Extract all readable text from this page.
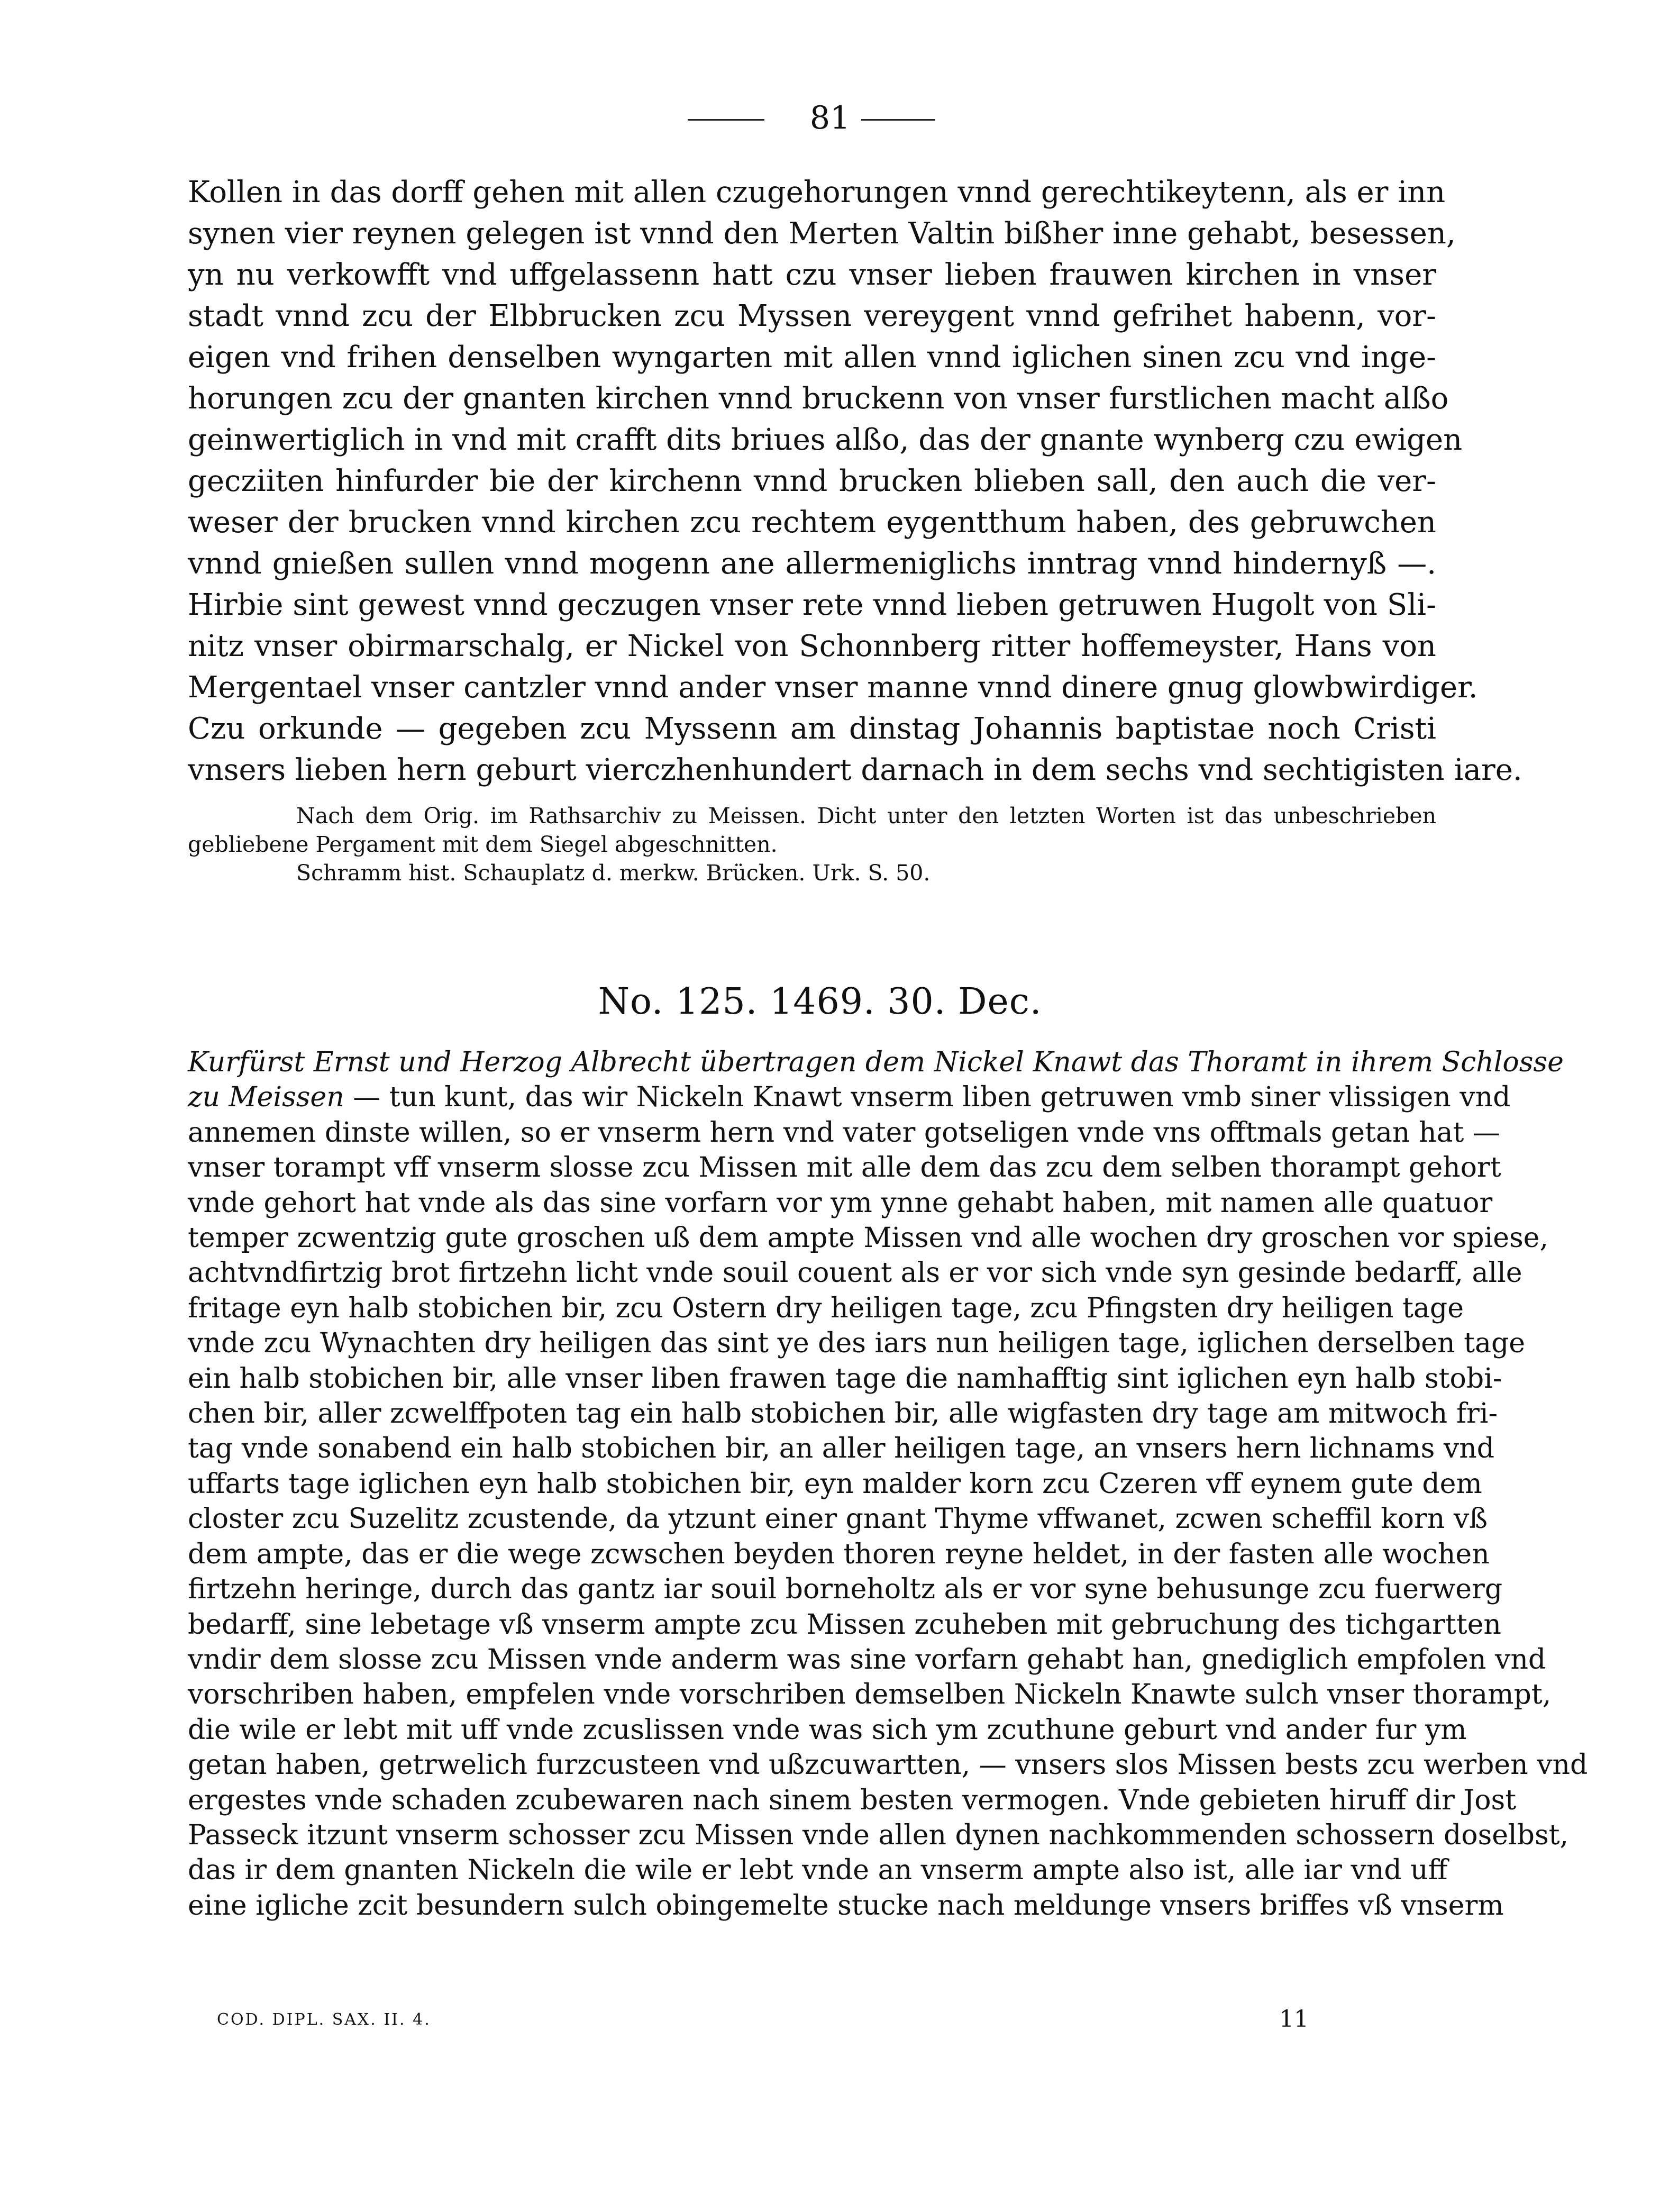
81
Kollen in das dorff gehen mit allen czugehorungen vnnd gerechtikeytenn, als er inn
synen vier reynen gelegen ist vnnd den Merten Valtin bißher inne gehabt, besessen,
yn nu verkowfft vnd uffgelassenn hatt czu vnser lieben frauwen kirchen in vnser
stadt vnnd zcu der Elbbrucken zcu Myssen vereygent vnnd gefrihet habenn, vor-
eigen vnd frihen denselben wyngarten mit allen vnnd iglichen sinen zcu vnd inge-
horungen zcu der gnanten kirchen vnnd bruckenn von vnser furstlichen macht alßo
geinwertiglich in vnd mit crafft dits briues alßo, das der gnante wynberg czu ewigen
gecziiten hinfurder bie der kirchenn vnnd brucken blieben sall, den auch die ver-
weser der brucken vnnd kirchen zcu rechtem eygentthum haben, des gebruwchen
vnnd gnießen sullen vnnd mogenn ane allermeniglichs inntrag vnnd hindernyß —.
Hirbie sint gewest vnnd geczugen vnser rete vnnd lieben getruwen Hugolt von Sli-
nitz vnser obirmarschalg, er Nickel von Schonnberg ritter hoffemeyster, Hans von
Mergentael vnser cantzler vnnd ander vnser manne vnnd dinere gnug glowbwirdiger.
Czu orkunde — gegeben zcu Myssenn am dinstag Johannis baptistae noch Cristi
vnsers lieben hern geburt vierczhenhundert darnach in dem sechs vnd sechtigisten iare.
Nach dem Orig. im Rathsarchiv zu Meissen. Dicht unter den letzten Worten ist das unbeschrieben
gebliebene Pergament mit dem Siegel abgeschnitten.
Schramm hist. Schauplatz d. merkw. Brücken. Urk. S. 50.
No. 125. 1469. 30. Dec.
Kurfürst Ernst und Herzog Albrecht übertragen dem Nickel Knawt das Thoramt in ihrem Schlosse
zu Meissen — tun kunt, das wir Nickeln Knawt vnserm liben getruwen vmb siner vlissigen vnd
annemen dinste willen, so er vnserm hern vnd vater gotseligen vnde vns offtmals getan hat —
vnser torampt vff vnserm slosse zcu Missen mit alle dem das zcu dem selben thorampt gehort
vnde gehort hat vnde als das sine vorfarn vor ym ynne gehabt haben, mit namen alle quatuor
temper zcwentzig gute groschen uß dem ampte Missen vnd alle wochen dry groschen vor spiese,
achtvndfirtzig brot firtzehn licht vnde souil couent als er vor sich vnde syn gesinde bedarff, alle
fritage eyn halb stobichen bir, zcu Ostern dry heiligen tage, zcu Pfingsten dry heiligen tage
vnde zcu Wynachten dry heiligen das sint ye des iars nun heiligen tage, iglichen derselben tage
ein halb stobichen bir, alle vnser liben frawen tage die namhafftig sint iglichen eyn halb stobi-
chen bir, aller zcwelffpoten tag ein halb stobichen bir, alle wigfasten dry tage am mitwoch fri-
tag vnde sonabend ein halb stobichen bir, an aller heiligen tage, an vnsers hern lichnams vnd
uffarts tage iglichen eyn halb stobichen bir, eyn malder korn zcu Czeren vff eynem gute dem
closter zcu Suzelitz zcustende, da ytzunt einer gnant Thyme vffwanet, zcwen scheffil korn vß
dem ampte, das er die wege zcwschen beyden thoren reyne heldet, in der fasten alle wochen
firtzehn heringe, durch das gantz iar souil borneholtz als er vor syne behusunge zcu fuerwerg
bedarff, sine lebetage vß vnserm ampte zcu Missen zcuheben mit gebruchung des tichgartten
vndir dem slosse zcu Missen vnde anderm was sine vorfarn gehabt han, gnediglich empfolen vnd
vorschriben haben, empfelen vnde vorschriben demselben Nickeln Knawte sulch vnser thorampt,
die wile er lebt mit uff vnde zcuslissen vnde was sich ym zcuthune geburt vnd ander fur ym
getan haben, getrwelich furzcusteen vnd ußzcuwartten, — vnsers slos Missen bests zcu werben vnd
ergestes vnde schaden zcubewaren nach sinem besten vermogen. Vnde gebieten hiruff dir Jost
Passeck itzunt vnserm schosser zcu Missen vnde allen dynen nachkommenden schossern doselbst,
das ir dem gnanten Nickeln die wile er lebt vnde an vnserm ampte also ist, alle iar vnd uff
eine igliche zcit besundern sulch obingemelte stucke nach meldunge vnsers briffes vß vnserm
COD. DIPL. SAX. II. 4.	11
